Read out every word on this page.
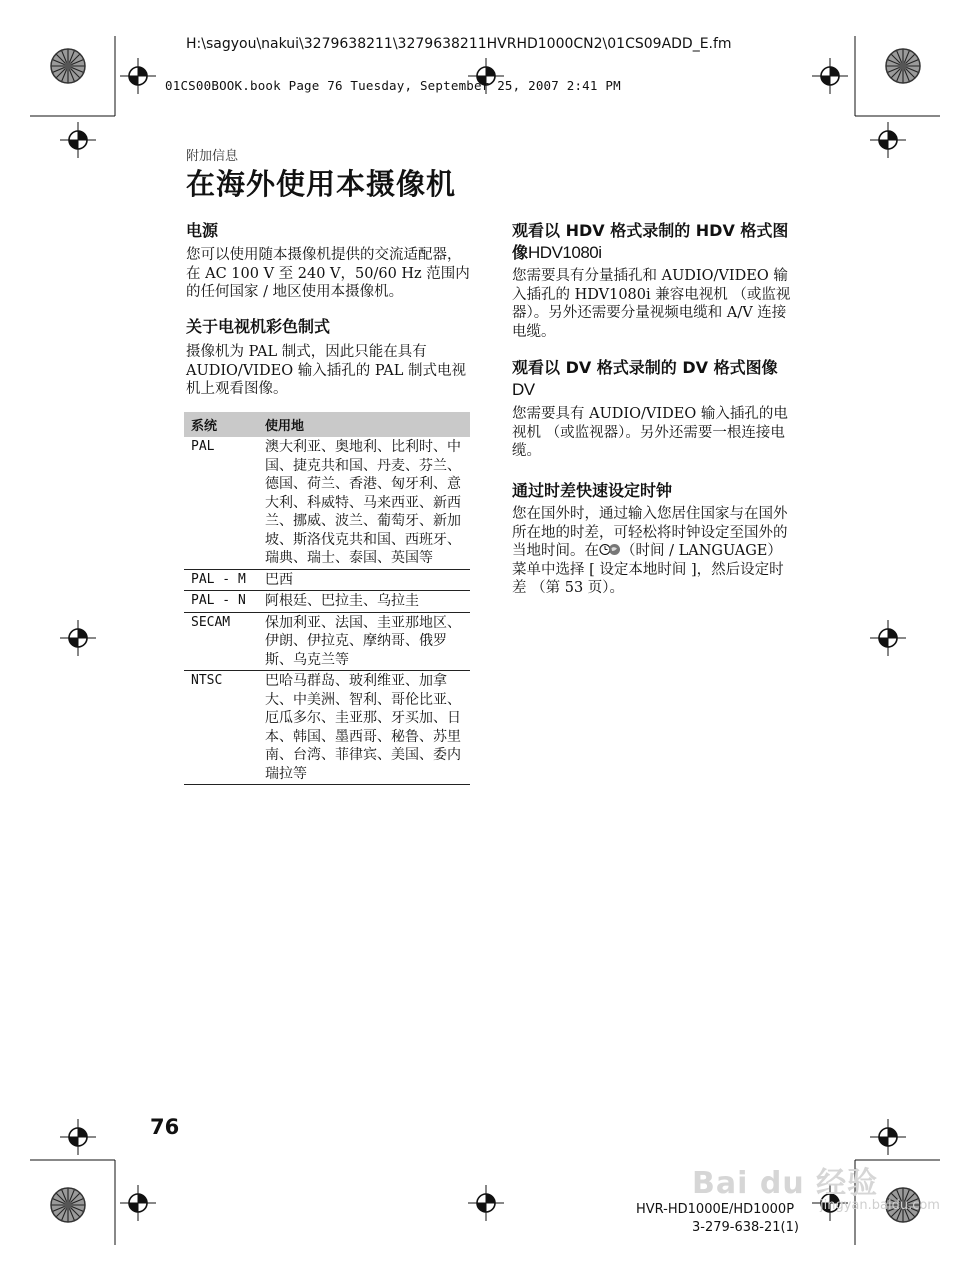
H:\sagyou\nakui\3279638211\3279638211HVRHD1000CN2\01CS09ADD_E.fm
01CS00BOOK.book Page 76 Tuesday, September 25, 2007 2:41 PM
附加信息
在海外使用本摄像机
电源
您可以使用随本摄像机提供的交流适配器，在 AC 100 V 至 240 V，50/60 Hz 范围内的任何国家 / 地区使用本摄像机。
关于电视机彩色制式
摄像机为 PAL 制式，因此只能在具有 AUDIO/VIDEO 输入插孔的 PAL 制式电视机上观看图像。
系统	使用地
PAL	澳大利亚、奥地利、比利时、中国、捷克共和国、丹麦、芬兰、德国、荷兰、香港、匈牙利、意大利、科威特、马来西亚、新西兰、挪威、波兰、葡萄牙、新加坡、斯洛伐克共和国、西班牙、瑞典、瑞士、泰国、英国等
PAL - M	巴西
PAL - N	阿根廷、巴拉圭、乌拉圭
SECAM	保加利亚、法国、圭亚那地区、伊朗、伊拉克、摩纳哥、俄罗斯、乌克兰等
NTSC	巴哈马群岛、玻利维亚、加拿大、中美洲、智利、哥伦比亚、厄瓜多尔、圭亚那、牙买加、日本、韩国、墨西哥、秘鲁、苏里南、台湾、菲律宾、美国、委内瑞拉等
观看以 HDV 格式录制的 HDV 格式图像HDV1080i
您需要具有分量插孔和 AUDIO/VIDEO 输入插孔的 HDV1080i 兼容电视机 （或监视器）。另外还需要分量视频电缆和 A/V 连接电缆。
观看以 DV 格式录制的 DV 格式图像
DV
您需要具有 AUDIO/VIDEO 输入插孔的电视机 （或监视器）。另外还需要一根连接电缆。
通过时差快速设定时钟
您在国外时，通过输入您居住国家与在国外所在地的时差，可轻松将时钟设定至国外的当地时间。在 （时间 / LANGUAGE）菜单中选择 [ 设定本地时间 ]，然后设定时差 （第 53 页）。
76
Bai du 经验
jingyan.baidu.com
HVR-HD1000E/HD1000P
3-279-638-21(1)
